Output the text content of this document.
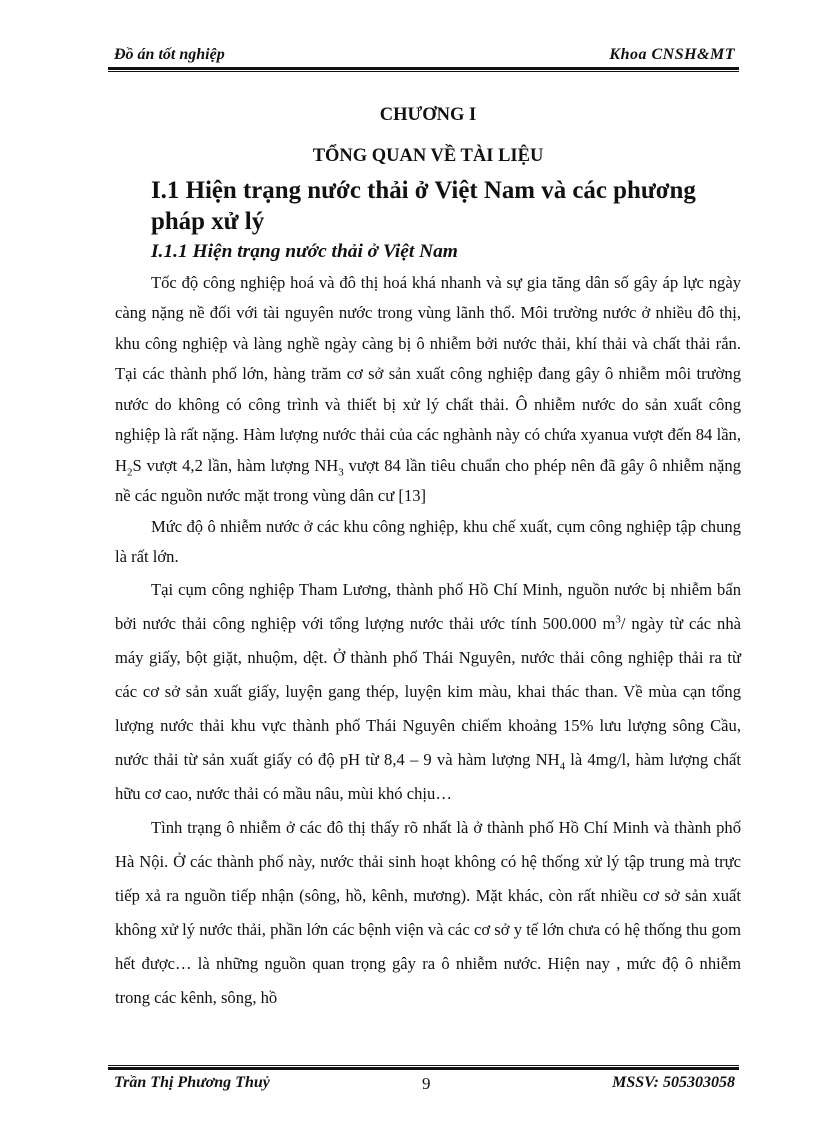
Đồ án tốt nghiệp	Khoa CNSH&MT
CHƯƠNG I
TỔNG QUAN VỀ TÀI LIỆU
I.1 Hiện trạng nước thải ở Việt Nam và các phương pháp xử lý
I.1.1 Hiện trạng nước thải ở Việt Nam

Tốc độ công nghiệp hoá và đô thị hoá khá nhanh và sự gia tăng dân số gây áp lực ngày càng nặng nề đối với tài nguyên nước trong vùng lãnh thổ. Môi trường nước ở nhiều đô thị, khu công nghiệp và làng nghề ngày càng bị ô nhiễm bởi nước thải, khí thải và chất thải rắn. Tại các thành phố lớn, hàng trăm cơ sở sản xuất công nghiệp đang gây ô nhiễm môi trường nước do không có công trình và thiết bị xử lý chất thải. Ô nhiễm nước do sản xuất công nghiệp là rất nặng. Hàm lượng nước thải của các nghành này có chứa xyanua vượt đến 84 lần, $H_2S$ vượt 4,2 lần, hàm lượng $NH_3$ vượt 84 lần tiêu chuẩn cho phép nên đã gây ô nhiễm nặng nề các nguồn nước mặt trong vùng dân cư [13]

Mức độ ô nhiễm nước ở các khu công nghiệp, khu chế xuất, cụm công nghiệp tập chung là rất lớn.

Tại cụm công nghiệp Tham Lương, thành phố Hồ Chí Minh, nguồn nước bị nhiễm bẩn bởi nước thải công nghiệp với tổng lượng nước thải ước tính 500.000 $m^3/$ ngày từ các nhà máy giấy, bột giặt, nhuộm, dệt. Ở thành phố Thái Nguyên, nước thải công nghiệp thải ra từ các cơ sở sản xuất giấy, luyện gang thép, luyện kim màu, khai thác than. Về mùa cạn tổng lượng nước thải khu vực thành phố Thái Nguyên chiếm khoảng 15% lưu lượng sông Cầu, nước thải từ sản xuất giấy có độ pH từ 8,4 – 9 và hàm lượng $NH_4$ là 4mg/l, hàm lượng chất hữu cơ cao, nước thải có mầu nâu, mùi khó chịu…

Tình trạng ô nhiễm ở các đô thị thấy rõ nhất là ở thành phố Hồ Chí Minh và thành phố Hà Nội. Ở các thành phố này, nước thải sinh hoạt không có hệ thống xử lý tập trung mà trực tiếp xả ra nguồn tiếp nhận (sông, hồ, kênh, mương). Mặt khác, còn rất nhiều cơ sở sản xuất không xử lý nước thải, phần lớn các bệnh viện và các cơ sở y tế lớn chưa có hệ thống thu gom hết được… là những nguồn quan trọng gây ra ô nhiễm nước. Hiện nay , mức độ ô nhiễm trong các kênh, sông, hồ

Trần Thị Phương Thuỷ	9	MSSV: 505303058
